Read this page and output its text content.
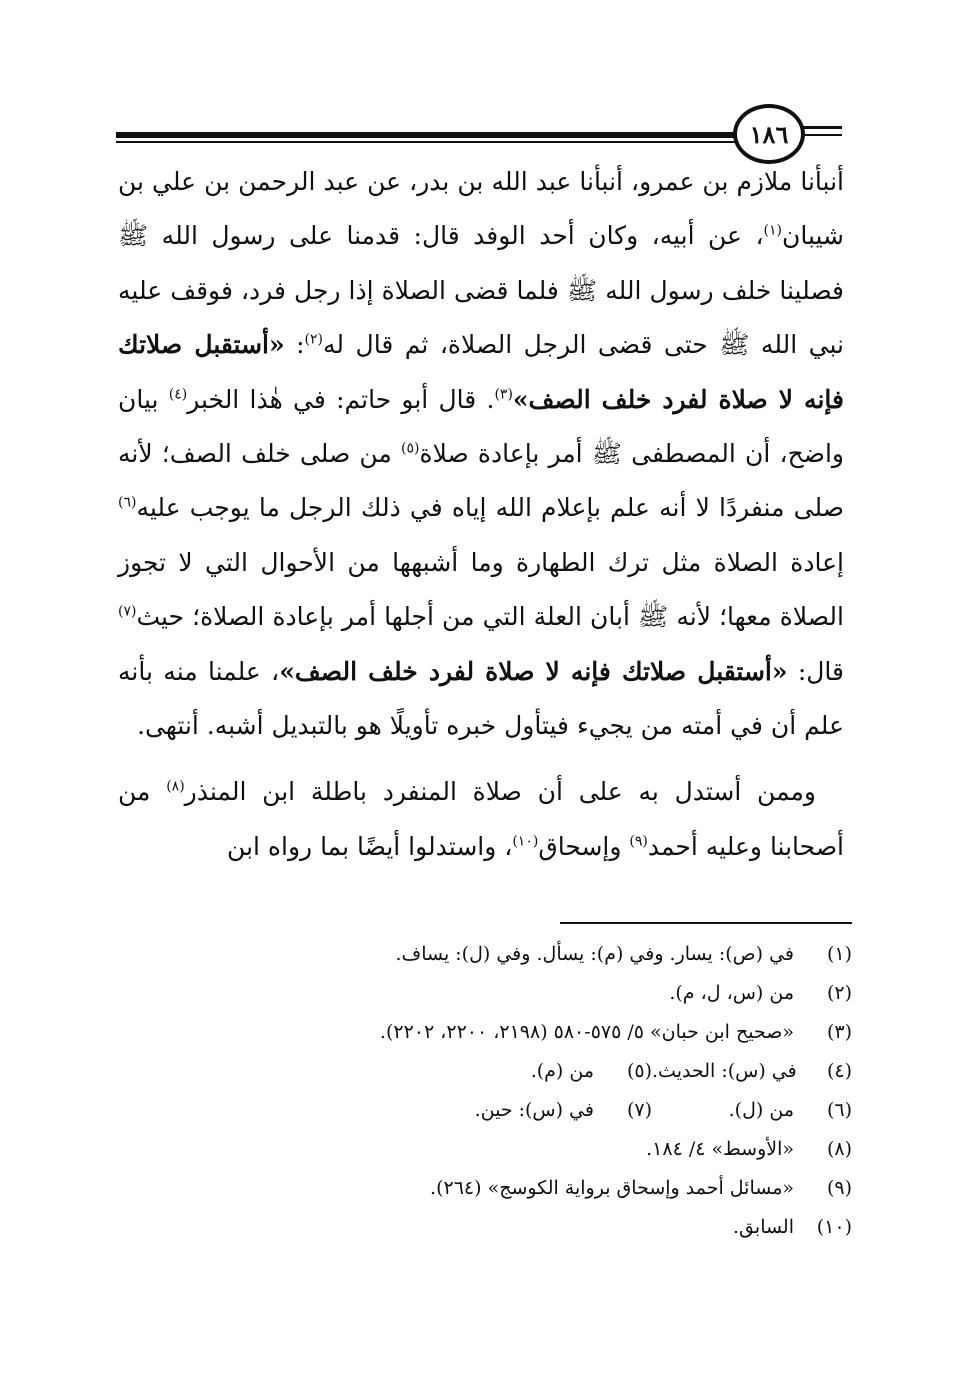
١٨٦

أنبأنا ملازم بن عمرو، أنبأنا عبد الله بن بدر، عن عبد الرحمن بن علي بن شيبان$^{(١)}$، عن أبيه، وكان أحد الوفد قال: قدمنا على رسول الله ﷺ فصلينا خلف رسول الله ﷺ فلما قضى الصلاة إذا رجل فرد، فوقف عليه نبي الله ﷺ حتى قضى الرجل الصلاة، ثم قال له$^{(٢)}$: «أستقبل صلاتك فإنه لا صلاة لفرد خلف الصف»$^{(٣)}$. قال أبو حاتم: في هٰذا الخبر$^{(٤)}$ بيان واضح، أن المصطفى ﷺ أمر بإعادة صلاة$^{(٥)}$ من صلى خلف الصف؛ لأنه صلى منفردًا لا أنه علم بإعلام الله إياه في ذلك الرجل ما يوجب عليه$^{(٦)}$ إعادة الصلاة مثل ترك الطهارة وما أشبهها من الأحوال التي لا تجوز الصلاة معها؛ لأنه ﷺ أبان العلة التي من أجلها أمر بإعادة الصلاة؛ حيث$^{(٧)}$ قال: «أستقبل صلاتك فإنه لا صلاة لفرد خلف الصف»، علمنا منه بأنه علم أن في أمته من يجيء فيتأول خبره تأويلًا هو بالتبديل أشبه. أنتهى.

وممن أستدل به على أن صلاة المنفرد باطلة ابن المنذر$^{(٨)}$ من أصحابنا وعليه أحمد$^{(٩)}$ وإسحاق$^{(١٠)}$، واستدلوا أيضًا بما رواه ابن

(١)
في (ص): يسار. وفي (م): يسأل. وفي (ل): يساف.
(٢)
من (س، ل، م).
(٣)
«صحيح ابن حبان» ٥/ ٥٧٥-٥٨٠ (٢١٩٨، ٢٢٠٠، ٢٢٠٢).
(٤)
في (س): الحديث.
(٥)
من (م).
(٦)
من (ل).
(٧)
في (س): حين.
(٨)
«الأوسط» ٤/ ١٨٤.
(٩)
«مسائل أحمد وإسحاق برواية الكوسج» (٢٦٤).
(١٠)
السابق.
